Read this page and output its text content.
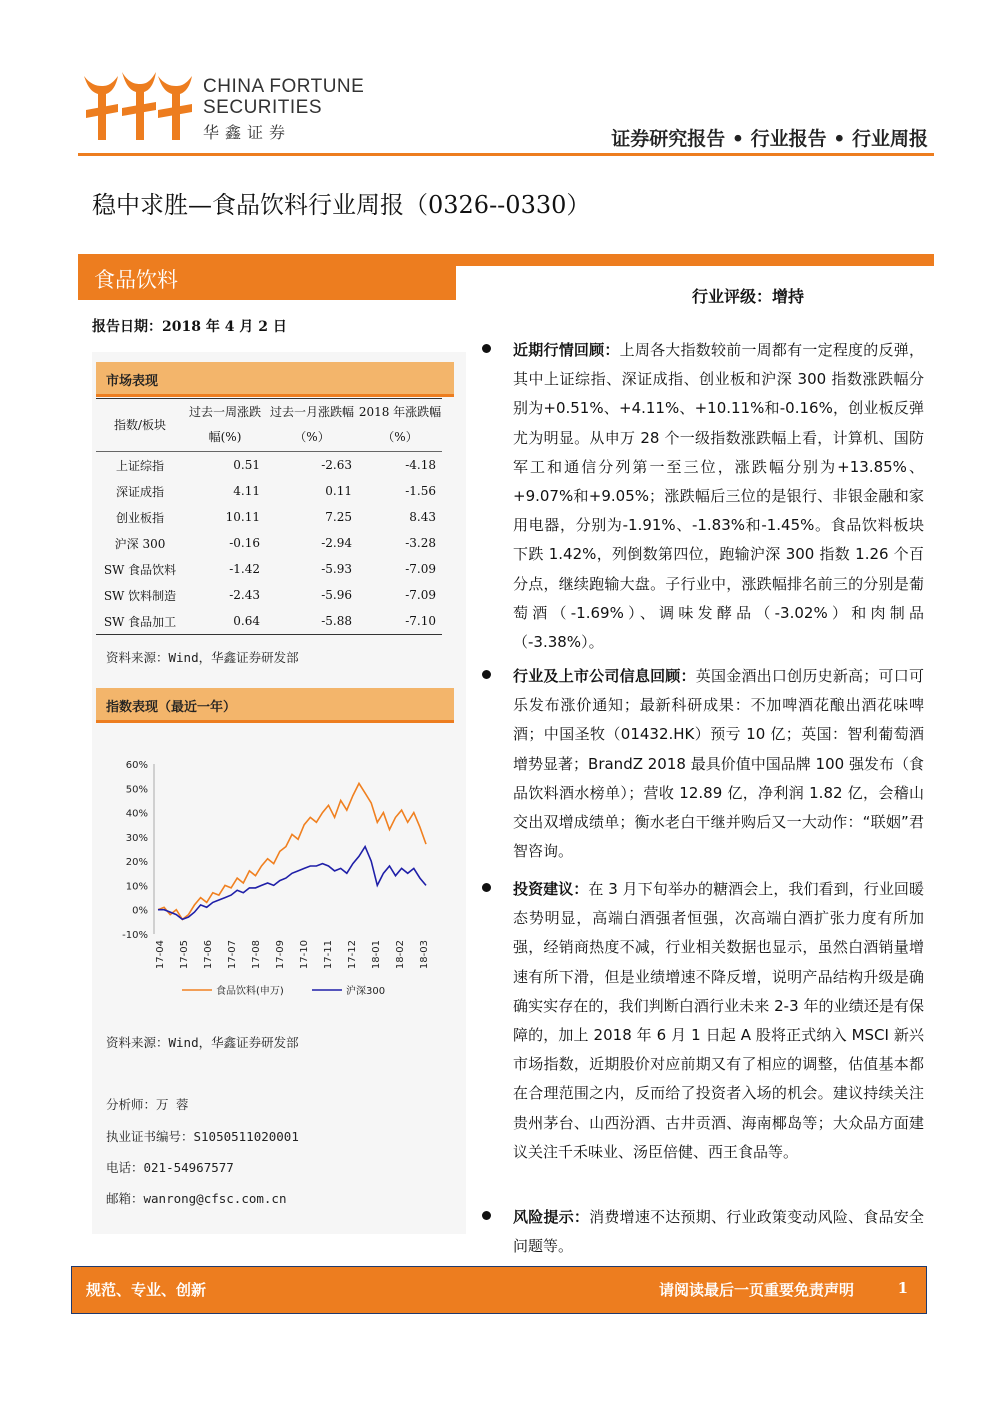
CHINA FORTUNE
SECURITIES
华鑫证券	证券研究报告 • 行业报告 • 行业周报
稳中求胜—食品饮料行业周报（0326--0330）
食品饮料
行业评级：增持
报告日期：2018 年 4 月 2 日
市场表现
指数/板块	过去一周涨跌幅(%)	过去一月涨跌幅（%）	2018 年涨跌幅（%）
上证综指	0.51	-2.63	-4.18
深证成指	4.11	0.11	-1.56
创业板指	10.11	7.25	8.43
沪深 300	-0.16	-2.94	-3.28
SW 食品饮料	-1.42	-5.93	-7.09
SW 饮料制造	-2.43	-5.96	-7.09
SW 食品加工	0.64	-5.88	-7.10
资料来源：Wind，华鑫证券研发部
指数表现（最近一年）
60%
50%
40%
30%
20%
10%
0%
-10%
17-04 17-05 17-06 17-07 17-08 17-09 17-10 17-11 17-12 18-01 18-02 18-03
食品饮料(申万)	沪深300
资料来源：Wind，华鑫证券研发部
分析师：万 蓉
执业证书编号：S1050511020001
电话：021-54967577
邮箱：wanrong@cfsc.com.cn
近期行情回顾：上周各大指数较前一周都有一定程度的反弹，其中上证综指、深证成指、创业板和沪深 300 指数涨跌幅分别为+0.51%、+4.11%、+10.11%和-0.16%，创业板反弹尤为明显。从申万 28 个一级指数涨跌幅上看，计算机、国防军工和通信分列第一至三位，涨跌幅分别为+13.85%、+9.07%和+9.05%；涨跌幅后三位的是银行、非银金融和家用电器，分别为-1.91%、-1.83%和-1.45%。食品饮料板块下跌 1.42%，列倒数第四位，跑输沪深 300 指数 1.26 个百分点，继续跑输大盘。子行业中，涨跌幅排名前三的分别是葡萄酒（-1.69%）、调味发酵品（-3.02%）和肉制品（-3.38%）。
行业及上市公司信息回顾：英国金酒出口创历史新高；可口可乐发布涨价通知；最新科研成果：不加啤酒花酿出酒花味啤酒；中国圣牧（01432.HK）预亏 10 亿；英国：智利葡萄酒增势显著；BrandZ 2018 最具价值中国品牌 100 强发布（食品饮料酒水榜单）；营收 12.89 亿，净利润 1.82 亿，会稽山交出双增成绩单；衡水老白干继并购后又一大动作：“联姻”君智咨询。
投资建议：在 3 月下旬举办的糖酒会上，我们看到，行业回暖态势明显，高端白酒强者恒强，次高端白酒扩张力度有所加强，经销商热度不减，行业相关数据也显示，虽然白酒销量增速有所下滑，但是业绩增速不降反增，说明产品结构升级是确确实实存在的，我们判断白酒行业未来 2-3 年的业绩还是有保障的，加上 2018 年 6 月 1 日起 A 股将正式纳入 MSCI 新兴市场指数，近期股价对应前期又有了相应的调整，估值基本都在合理范围之内，反而给了投资者入场的机会。建议持续关注贵州茅台、山西汾酒、古井贡酒、海南椰岛等；大众品方面建议关注千禾味业、汤臣倍健、西王食品等。
风险提示：消费增速不达预期、行业政策变动风险、食品安全问题等。
规范、专业、创新	请阅读最后一页重要免责声明	1
